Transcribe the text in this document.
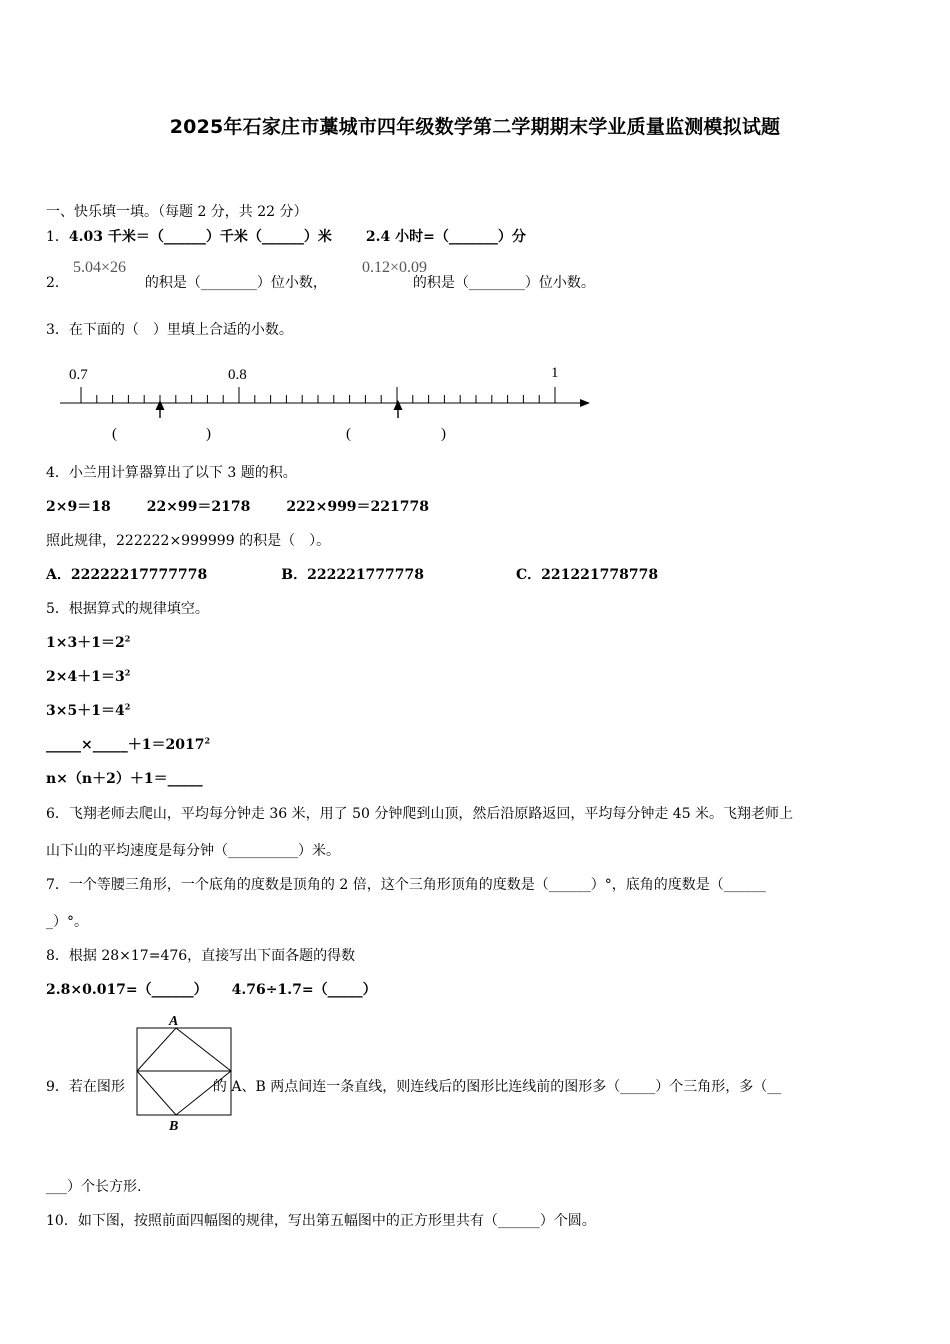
2025年石家庄市藁城市四年级数学第二学期期末学业质量监测模拟试题
一、快乐填一填。（每题 2 分，共 22 分）
1．4.03 千米＝（______）千米（______）米 2.4 小时=（_______）分
5.04×26	0.12×0.09
2．	的积是（________）位小数，	的积是（________）位小数。
3．在下面的（　）里填上合适的小数。
0.7	0.8	1
(	)	(	)
4．小兰用计算器算出了以下 3 题的积。
2×9＝18	22×99＝2178	222×999＝221778
照此规律，222222×999999 的积是（　）。
A．22222217777778	B．222221777778	C．221221778778
5．根据算式的规律填空。
$1\times 3+1=2^2$
$2\times 4+1=3^2$
$3\times 5+1=4^2$
$\_\_\_\_\_\times\_\_\_\_\_+1=2017^2$
n×（n＋2）＋1＝_____
6．飞翔老师去爬山，平均每分钟走 36 米，用了 50 分钟爬到山顶，然后沿原路返回，平均每分钟走 45 米。飞翔老师上
山下山的平均速度是每分钟（__________）米。
7．一个等腰三角形，一个底角的度数是顶角的 2 倍，这个三角形顶角的度数是（______）°，底角的度数是（______
_）°。
8．根据 28×17=476，直接写出下面各题的得数
2.8×0.017=（______） 4.76÷1.7=（_____）
A
B
9．若在图形	的 A、B 两点间连一条直线，则连线后的图形比连线前的图形多（_____）个三角形，多（__
___）个长方形.
10．如下图，按照前面四幅图的规律，写出第五幅图中的正方形里共有（______）个圆。
